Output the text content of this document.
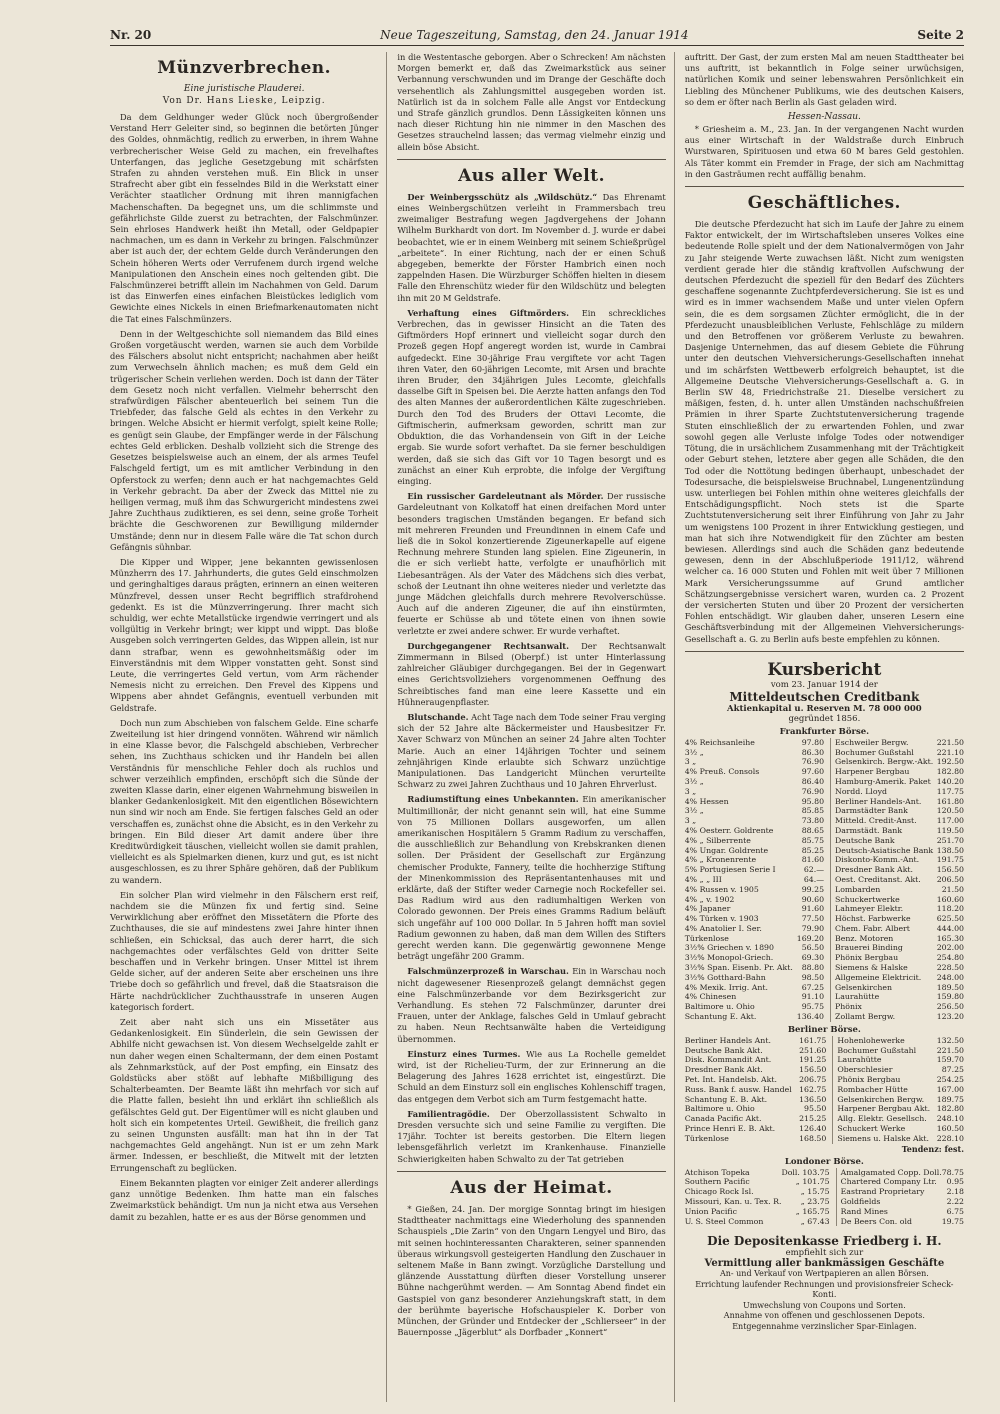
Nr. 20	Neue Tageszeitung, Samstag, den 24. Januar 1914	Seite 2
Münzverbrechen.
Eine juristische Plauderei.
Von Dr. Hans Lieske, Leipzig.

Da dem Geldhunger weder Glück noch übergroßender Verstand Herr Geleiter sind, so beginnen die betörten Jünger des Goldes, ohnmächtig, redlich zu erwerben, in ihrem Wahne verbrecherischer Weise Geld zu machen, ein frevelhaftes Unterfangen, das jegliche Gesetzgebung mit schärfsten Strafen zu ahnden verstehen muß. Ein Blick in unser Strafrecht aber gibt ein fesselndes Bild in die Werkstatt einer Verächter staatlicher Ordnung mit ihren mannigfachen Machenschaften. Da begegnet uns, um die schlimmste und gefährlichste Gilde zuerst zu betrachten, der Falschmünzer. Sein ehrloses Handwerk heißt ihn Metall, oder Geldpapier nachmachen, um es dann in Verkehr zu bringen. Falschmünzer aber ist auch der, der echtem Gelde durch Veränderungen den Schein höheren Werts oder Verrufenem durch irgend welche Manipulationen den Anschein eines noch geltenden gibt. Die Falschmünzerei betrifft allein im Nachahmen von Geld. Darum ist das Einwerfen eines einfachen Bleistückes lediglich vom Gewichte eines Nickels in einen Briefmarkenautomaten nicht die Tat eines Falschmünzers.

Denn in der Weltgeschichte soll niemandem das Bild eines Großen vorgetäuscht werden, warnen sie auch dem Vorbilde des Fälschers absolut nicht entspricht; nachahmen aber heißt zum Verwechseln ähnlich machen; es muß dem Geld ein trügerischer Schein verliehen werden. Doch ist dann der Täter dem Gesetz noch nicht verfallen. Vielmehr beherrscht den strafwürdigen Fälscher abenteuerlich bei seinem Tun die Triebfeder, das falsche Geld als echtes in den Verkehr zu bringen. Welche Absicht er hiermit verfolgt, spielt keine Rolle; es genügt sein Glaube, der Empfänger werde in der Fälschung echtes Geld erblicken. Deshalb vollzieht sich die Strenge des Gesetzes beispielsweise auch an einem, der als armes Teufel Falschgeld fertigt, um es mit amtlicher Verbindung in den Opferstock zu werfen; denn auch er hat nachgemachtes Geld in Verkehr gebracht. Da aber der Zweck das Mittel nie zu heiligen vermag, muß ihm das Schwurgericht mindestens zwei Jahre Zuchthaus zudiktieren, es sei denn, seine große Torheit brächte die Geschworenen zur Bewilligung mildernder Umstände; denn nur in diesem Falle wäre die Tat schon durch Gefängnis sühnbar.

Die Kipper und Wipper, jene bekannten gewissenlosen Münzherrn des 17. Jahrhunderts, die gutes Geld einschmolzen und geringhaltiges daraus prägten, erinnern an einen weiteren Münzfrevel, dessen unser Recht begrifflich strafdrohend gedenkt. Es ist die Münzverringerung. Ihrer macht sich schuldig, wer echte Metallstücke irgendwie verringert und als vollgültig in Verkehr bringt; wer kippt und wippt. Das bloße Ausgeben solch verringerten Geldes, das Wippen allein, ist nur dann strafbar, wenn es gewohnheitsmäßig oder im Einverständnis mit dem Wipper vonstatten geht. Sonst sind Leute, die verringertes Geld vertun, vom Arm rächender Nemesis nicht zu erreichen. Den Frevel des Kippens und Wippens aber ahndet Gefängnis, eventuell verbunden mit Geldstrafe.

Doch nun zum Abschieben von falschem Gelde. Eine scharfe Zweiteilung ist hier dringend vonnöten. Während wir nämlich in eine Klasse bevor, die Falschgeld abschieben, Verbrecher sehen, ins Zuchthaus schicken und ihr Handeln bei allen Verständnis für menschliche Fehler doch als ruchlos und schwer verzeihlich empfinden, erschöpft sich die Sünde der zweiten Klasse darin, einer eigenen Wahrnehmung bisweilen in blanker Gedankenlosigkeit. Mit den eigentlichen Bösewichtern nun sind wir noch am Ende. Sie fertigen falsches Geld an oder verschaffen es, zunächst ohne die Absicht, es in den Verkehr zu bringen. Ein Bild dieser Art damit andere über ihre Kreditwürdigkeit täuschen, vielleicht wollen sie damit prahlen, vielleicht es als Spielmarken dienen, kurz und gut, es ist nicht ausgeschlossen, es zu ihrer Sphäre gehören, daß der Publikum zu wandern.

Ein solcher Plan wird vielmehr in den Fälschern erst reif, nachdem sie die Münzen fix und fertig sind. Seine Verwirklichung aber eröffnet den Missetätern die Pforte des Zuchthauses, die sie auf mindestens zwei Jahre hinter ihnen schließen, ein Schicksal, das auch derer harrt, die sich nachgemachtes oder verfälschtes Geld von dritter Seite beschaffen und in Verkehr bringen. Unser Mittel ist ihrem Gelde sicher, auf der anderen Seite aber erscheinen uns ihre Triebe doch so gefährlich und frevel, daß die Staatsraison die Härte nachdrücklicher Zuchthausstrafe in unseren Augen kategorisch fordert.

Zeit aber naht sich uns ein Missetäter aus Gedankenlosigkeit. Ein Sünderlein, die sein Gewissen der Abhilfe nicht gewachsen ist. Von diesem Wechselgelde zahlt er nun daher wegen einen Schaltermann, der dem einen Postamt als Zehnmarkstück, auf der Post empfing, ein Einsatz des Goldstücks aber stößt auf lebhafte Mißbilligung des Schalterbeamten. Der Beamte läßt ihn mehrfach vor sich auf die Platte fallen, besieht ihn und erklärt ihn schließlich als gefälschtes Geld gut. Der Eigentümer will es nicht glauben und holt sich ein kompetentes Urteil. Gewißheit, die freilich ganz zu seinen Ungunsten ausfällt: man hat ihn in der Tat nachgemachtes Geld angehängt. Nun ist er um zehn Mark ärmer. Indessen, er beschließt, die Mitwelt mit der letzten Errungenschaft zu beglücken.

Einem Bekannten plagten vor einiger Zeit anderer allerdings ganz unnötige Bedenken. Ihm hatte man ein falsches Zweimarkstück behändigt. Um nun ja nicht etwa aus Versehen damit zu bezahlen, hatte er es aus der Börse genommen und

in die Westentasche geborgen. Aber o Schrecken! Am nächsten Morgen bemerkt er, daß das Zweimarkstück aus seiner Verbannung verschwunden und im Drange der Geschäfte doch versehentlich als Zahlungsmittel ausgegeben worden ist. Natürlich ist da in solchem Falle alle Angst vor Entdeckung und Strafe gänzlich grundlos. Denn Lässigkeiten können uns nach dieser Richtung hin nie nimmer in den Maschen des Gesetzes strauchelnd lassen; das vermag vielmehr einzig und allein böse Absicht.

Aus aller Welt.

Der Weinbergsschütz als „Wildschütz.“ Das Ehrenamt eines Weinbergschützen verleiht in Frammersbach treu zweimaliger Bestrafung wegen Jagdvergehens der Johann Wilhelm Burkhardt von dort. Im November d. J. wurde er dabei beobachtet, wie er in einem Weinberg mit seinem Schießprügel „arbeitete“. In einer Richtung, nach der er einen Schuß abgegeben, bemerkte der Förster Hambrich einen noch zappelnden Hasen. Die Würzburger Schöffen hielten in diesem Falle den Ehrenschütz wieder für den Wildschütz und belegten ihn mit 20 M Geldstrafe.

Verhaftung eines Giftmörders. Ein schreckliches Verbrechen, das in gewisser Hinsicht an die Taten des Giftmörders Hopf erinnert und vielleicht sogar durch den Prozeß gegen Hopf angeregt worden ist, wurde in Cambrai aufgedeckt. Eine 30-jährige Frau vergiftete vor acht Tagen ihren Vater, den 60-jährigen Lecomte, mit Arsen und brachte ihren Bruder, den 34jährigen Jules Lecomte, gleichfalls dasselbe Gift in Speisen bei. Die Aerzte hatten anfangs den Tod des alten Mannes der außerordentlichen Kälte zugeschrieben. Durch den Tod des Bruders der Ottavi Lecomte, die Giftmischerin, aufmerksam geworden, schritt man zur Obduktion, die das Vorhandensein von Gift in der Leiche ergab. Sie wurde sofort verhaftet. Da sie ferner beschuldigen werden, daß sie sich das Gift vor 10 Tagen besorgt und es zunächst an einer Kuh erprobte, die infolge der Vergiftung einging.

Ein russischer Gardeleutnant als Mörder. Der russische Gardeleutnant von Kolkatoff hat einen dreifachen Mord unter besonders tragischen Umständen begangen. Er befand sich mit mehreren Freunden und Freundinnen in einem Cafe und ließ die in Sokol konzertierende Zigeunerkapelle auf eigene Rechnung mehrere Stunden lang spielen. Eine Zigeunerin, in die er sich verliebt hatte, verfolgte er unaufhörlich mit Liebesanträgen. Als der Vater des Mädchens sich dies verbat, schoß der Leutnant ihn ohne weiteres nieder und verletzte das junge Mädchen gleichfalls durch mehrere Revolverschüsse. Auch auf die anderen Zigeuner, die auf ihn einstürmten, feuerte er Schüsse ab und tötete einen von ihnen sowie verletzte er zwei andere schwer. Er wurde verhaftet.

Durchgegangener Rechtsanwalt. Der Rechtsanwalt Zimmermann in Bilsed (Oberpf.) ist unter Hinterlassung zahlreicher Gläubiger durchgegangen. Bei der in Gegenwart eines Gerichtsvollziehers vorgenommenen Oeffnung des Schreibtisches fand man eine leere Kassette und ein Hühneraugenpflaster.

Blutschande. Acht Tage nach dem Tode seiner Frau verging sich der 52 Jahre alte Bäckermeister und Hausbesitzer Fr. Xaver Schwarz von München an seiner 24 Jahre alten Tochter Marie. Auch an einer 14jährigen Tochter und seinem zehnjährigen Kinde erlaubte sich Schwarz unzüchtige Manipulationen. Das Landgericht München verurteilte Schwarz zu zwei Jahren Zuchthaus und 10 Jahren Ehrverlust.

Radiumstiftung eines Unbekannten. Ein amerikanischer Multimillionär, der nicht genannt sein will, hat eine Summe von 75 Millionen Dollars ausgeworfen, um allen amerikanischen Hospitälern 5 Gramm Radium zu verschaffen, die ausschließlich zur Behandlung von Krebskranken dienen sollen. Der Präsident der Gesellschaft zur Ergänzung chemischer Produkte, Fannery, teilte die hochherzige Stiftung der Minenkommission des Repräsentantenhauses mit und erklärte, daß der Stifter weder Carnegie noch Rockefeller sei. Das Radium wird aus den radiumhaltigen Werken von Colorado gewonnen. Der Preis eines Gramms Radium beläuft sich ungefähr auf 100 000 Dollar. In 5 Jahren hofft man soviel Radium gewonnen zu haben, daß man dem Willen des Stifters gerecht werden kann. Die gegenwärtig gewonnene Menge beträgt ungefähr 200 Gramm.

Falschmünzerprozeß in Warschau. Ein in Warschau noch nicht dagewesener Riesenprozeß gelangt demnächst gegen eine Falschmünzerbande vor dem Bezirksgericht zur Verhandlung. Es stehen 72 Falschmünzer, darunter drei Frauen, unter der Anklage, falsches Geld in Umlauf gebracht zu haben. Neun Rechtsanwälte haben die Verteidigung übernommen.

Einsturz eines Turmes. Wie aus La Rochelle gemeldet wird, ist der Richelieu-Turm, der zur Erinnerung an die Belagerung des Jahres 1628 errichtet ist, eingestürzt. Die Schuld an dem Einsturz soll ein englisches Kohlenschiff tragen, das entgegen dem Verbot sich am Turm festgemacht hatte.

Familientragödie. Der Oberzollassistent Schwalto in Dresden versuchte sich und seine Familie zu vergiften. Die 17jähr. Tochter ist bereits gestorben. Die Eltern liegen lebensgefährlich verletzt im Krankenhause. Finanzielle Schwierigkeiten haben Schwalto zu der Tat getrieben

Aus der Heimat.

* Gießen, 24. Jan. Der morgige Sonntag bringt im hiesigen Stadttheater nachmittags eine Wiederholung des spannenden Schauspiels „Die Zarin“ von den Ungarn Lengyel und Biro, das mit seinen hochinteressanten Charakteren, seiner spannenden überaus wirkungsvoll gesteigerten Handlung den Zuschauer in seltenem Maße in Bann zwingt. Vorzügliche Darstellung und glänzende Ausstattung dürften dieser Vorstellung unserer Bühne nachgerühmt werden. — Am Sonntag Abend findet ein Gastspiel von ganz besonderer Anziehungskraft statt, in dem der berühmte bayerische Hofschauspieler K. Dorber von München, der Gründer und Entdecker der „Schlierseer“ in der Bauernposse „Jägerblut“ als Dorfbader „Konnert“

auftritt. Der Gast, der zum ersten Mal am neuen Stadttheater bei uns auftritt, ist bekanntlich in Folge seiner urwüchsigen, natürlichen Komik und seiner lebenswahren Persönlichkeit ein Liebling des Münchener Publikums, wie des deutschen Kaisers, so dem er öfter nach Berlin als Gast geladen wird.

Hessen-Nassau.

* Griesheim a. M., 23. Jan. In der vergangenen Nacht wurden aus einer Wirtschaft in der Waldstraße durch Einbruch Wurstwaren, Spirituosen und etwa 60 M bares Geld gestohlen. Als Täter kommt ein Fremder in Frage, der sich am Nachmittag in den Gasträumen recht auffällig benahm.

Geschäftliches.

Die deutsche Pferdezucht hat sich im Laufe der Jahre zu einem Faktor entwickelt, der im Wirtschaftsleben unseres Volkes eine bedeutende Rolle spielt und der dem Nationalvermögen von Jahr zu Jahr steigende Werte zuwachsen läßt. Nicht zum wenigsten verdient gerade hier die ständig kraftvollen Aufschwung der deutschen Pferdezucht die speziell für den Bedarf des Züchters geschaffene sogenannte Zuchtpferdeversicherung. Sie ist es und wird es in immer wachsendem Maße und unter vielen Opfern sein, die es dem sorgsamen Züchter ermöglicht, die in der Pferdezucht unausbleiblichen Verluste, Fehlschläge zu mildern und den Betroffenen vor größerem Verluste zu bewahren. Dasjenige Unternehmen, das auf diesem Gebiete die Führung unter den deutschen Viehversicherungs-Gesellschaften innehat und im schärfsten Wettbewerb erfolgreich behauptet, ist die Allgemeine Deutsche Viehversicherungs-Gesellschaft a. G. in Berlin SW 48, Friedrichstraße 21. Dieselbe versichert zu mäßigen, festen, d. h. unter allen Umständen nachschußfreien Prämien in ihrer Sparte Zuchtstutenversicherung tragende Stuten einschließlich der zu erwartenden Fohlen, und zwar sowohl gegen alle Verluste infolge Todes oder notwendiger Tötung, die in ursächlichem Zusammenhang mit der Trächtigkeit oder Geburt stehen, letztere aber gegen alle Schäden, die den Tod oder die Nottötung bedingen überhaupt, unbeschadet der Todesursache, die beispielsweise Bruchnabel, Lungenentzündung usw. unterliegen bei Fohlen mithin ohne weiteres gleichfalls der Entschädigungspflicht. Noch stets ist die Sparte Zuchtstutenversicherung seit ihrer Einführung von Jahr zu Jahr um wenigstens 100 Prozent in ihrer Entwicklung gestiegen, und man hat sich ihre Notwendigkeit für den Züchter am besten bewiesen. Allerdings sind auch die Schäden ganz bedeutende gewesen, denn in der Abschlußperiode 1911/12, während welcher ca. 16 000 Stuten und Fohlen mit weit über 7 Millionen Mark Versicherungssumme auf Grund amtlicher Schätzungsergebnisse versichert waren, wurden ca. 2 Prozent der versicherten Stuten und über 20 Prozent der versicherten Fohlen entschädigt. Wir glauben daher, unseren Lesern eine Geschäftsverbindung mit der Allgemeinen Viehversicherungs-Gesellschaft a. G. zu Berlin aufs beste empfehlen zu können.

Kursbericht
vom 23. Januar 1914 der
Mitteldeutschen Creditbank
Aktienkapital u. Reserven M. 78 000 000
gegründet 1856.
Frankfurter Börse.
4% Reichsanleihe	97.80	Eschweiler Bergw.	221.50
3½ „	86.30	Bochumer Gußstahl	221.10
3 „	76.90	Gelsenkirch. Bergw.-Akt.	192.50
4% Preuß. Consols	97.60	Harpener Bergbau	182.80
3½ „	86.40	Hamburg-Amerik. Paket	140.20
3 „	76.90	Nordd. Lloyd	117.75
4% Hessen	95.80	Berliner Handels-Ant.	161.80
3½ „	85.85	Darmstädter Bank	120.50
3 „	73.80	Mitteld. Credit-Anst.	117.00
4% Oesterr. Goldrente	88.65	Darmstädt. Bank	119.50
4% „ Silberrente	85.75	Deutsche Bank	251.70
4% Ungar. Goldrente	85.25	Deutsch-Asiatische Bank	138.50
4% „ Kronenrente	81.60	Diskonto-Komm.-Ant.	191.75
5% Portugiesen Serie I	62.—	Dresdner Bank Akt.	156.50
4% „ „ III	64.—	Oest. Creditanst. Akt.	206.50
4% Russen v. 1905	99.25	Lombarden	21.50
4% „ v. 1902	90.60	Schuckertwerke	160.60
4% Japaner	91.60	Lahmeyer Elektr.	118.20
4% Türken v. 1903	77.50	Höchst. Farbwerke	625.50
4% Anatolier I. Ser.	79.90	Chem. Fabr. Albert	444.00
Türkenlose	169.20	Benz. Motoren	165.30
3½% Griechen v. 1890	56.50	Brauerei Binding	202.00
3½% Monopol-Griech.	69.30	Phönix Bergbau	254.80
3½% Span. Eisenb. Pr. Akt.	88.80	Siemens & Halske	228.50
3½% Gotthard-Bahn	98.50	Allgemeine Elektricit.	248.00
4% Mexik. Irrig. Ant.	67.25	Gelsenkirchen	189.50
4% Chinesen	91.10	Laurahütte	159.80
Baltimore u. Ohio	95.75	Phönix	256.50
Schantung E. Akt.	136.40	Zollamt Bergw.	123.20
Berliner Börse.
Berliner Handels Ant.	161.75	Hohenlohewerke	132.50
Deutsche Bank Akt.	251.60	Bochumer Gußstahl	221.50
Disk. Kommandit Ant.	191.25	Laurahütte	159.70
Dresdner Bank Akt.	156.50	Oberschlesier	87.25
Pet. Int. Handelsb. Akt.	206.75	Phönix Bergbau	254.25
Russ. Bank f. ausw. Handel	162.75	Rombacher Hütte	167.00
Schantung E. B. Akt.	136.50	Gelsenkirchen Bergw.	189.75
Baltimore u. Ohio	95.50	Harpener Bergbau Akt.	182.80
Canada Pacific Akt.	215.25	Allg. Elektr. Gesellsch.	248.10
Prince Henri E. B. Akt.	126.40	Schuckert Werke	160.50
Türkenlose	168.50	Siemens u. Halske Akt.	228.10
Tendenz: fest.
Londoner Börse.
Atchison Topeka	Doll. 103.75	Amalgamated Copp. Doll.	78.75
Southern Pacific	„ 101.75	Chartered Company Ltr.	0.95
Chicago Rock Isl.	„ 15.75	Eastrand Proprietary	2.18
Missouri, Kan. u. Tex. R.	„ 23.75	Goldfields	2.22
Union Pacific	„ 165.75	Rand Mines	6.75
U. S. Steel Common	„ 67.43	De Beers Con. old	19.75
Die Depositenkasse Friedberg i. H.
empfiehlt sich zur
Vermittlung aller bankmässigen Geschäfte
An- und Verkauf von Wertpapieren an allen Börsen.
Errichtung laufender Rechnungen und provisionsfreier Scheck-Konti.
Umwechslung von Coupons und Sorten.
Annahme von offenen und geschlossenen Depots.
Entgegennahme verzinslicher Spar-Einlagen.
